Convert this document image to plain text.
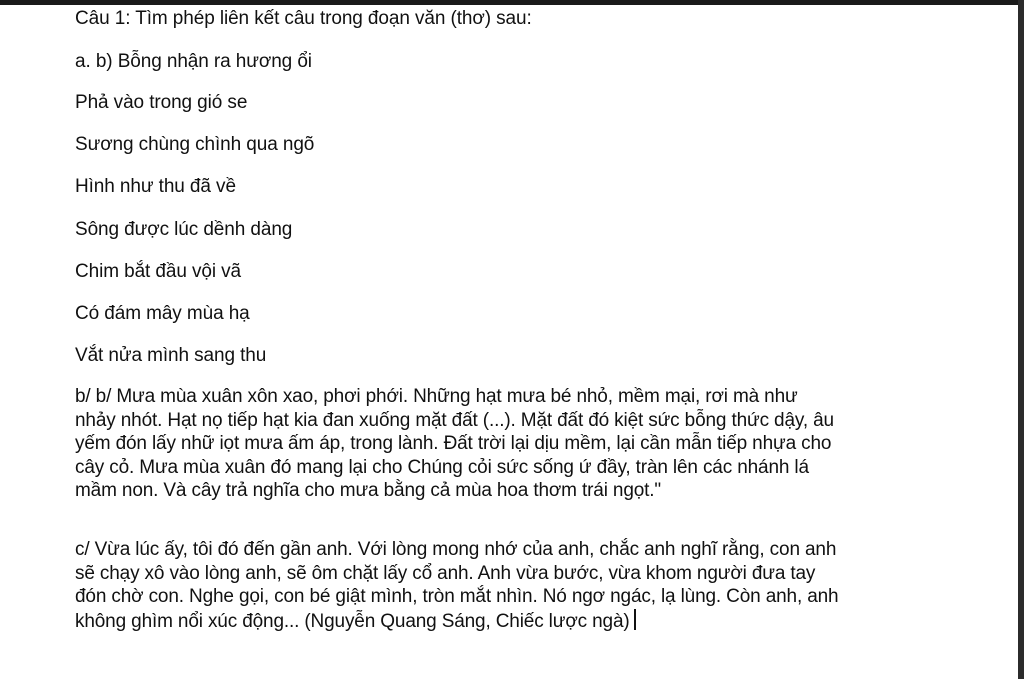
Câu 1: Tìm phép liên kết câu trong đoạn văn (thơ) sau:
a. b) Bỗng nhận ra hương ổi
Phả vào trong gió se
Sương chùng chình qua ngõ
Hình như thu đã về
Sông được lúc dềnh dàng
Chim bắt đầu vội vã
Có đám mây mùa hạ
Vắt nửa mình sang thu
b/ b/ Mưa mùa xuân xôn xao, phơi phới. Những hạt mưa bé nhỏ, mềm mại, rơi mà như
nhảy nhót. Hạt nọ tiếp hạt kia đan xuống mặt đất (...). Mặt đất đó kiệt sức bỗng thức dậy, âu
yếm đón lấy nhữ iọt mưa ấm áp, trong lành. Đất trời lại dịu mềm, lại cần mẫn tiếp nhựa cho
cây cỏ. Mưa mùa xuân đó mang lại cho Chúng cỏi sức sống ứ đầy, tràn lên các nhánh lá
mầm non. Và cây trả nghĩa cho mưa bằng cả mùa hoa thơm trái ngọt."
c/ Vừa lúc ấy, tôi đó đến gần anh. Với lòng mong nhớ của anh, chắc anh nghĩ rằng, con anh
sẽ chạy xô vào lòng anh, sẽ ôm chặt lấy cổ anh. Anh vừa bước, vừa khom người đưa tay
đón chờ con. Nghe gọi, con bé giật mình, tròn mắt nhìn. Nó ngơ ngác, lạ lùng. Còn anh, anh
không ghìm nổi xúc động... (Nguyễn Quang Sáng, Chiếc lược ngà)
